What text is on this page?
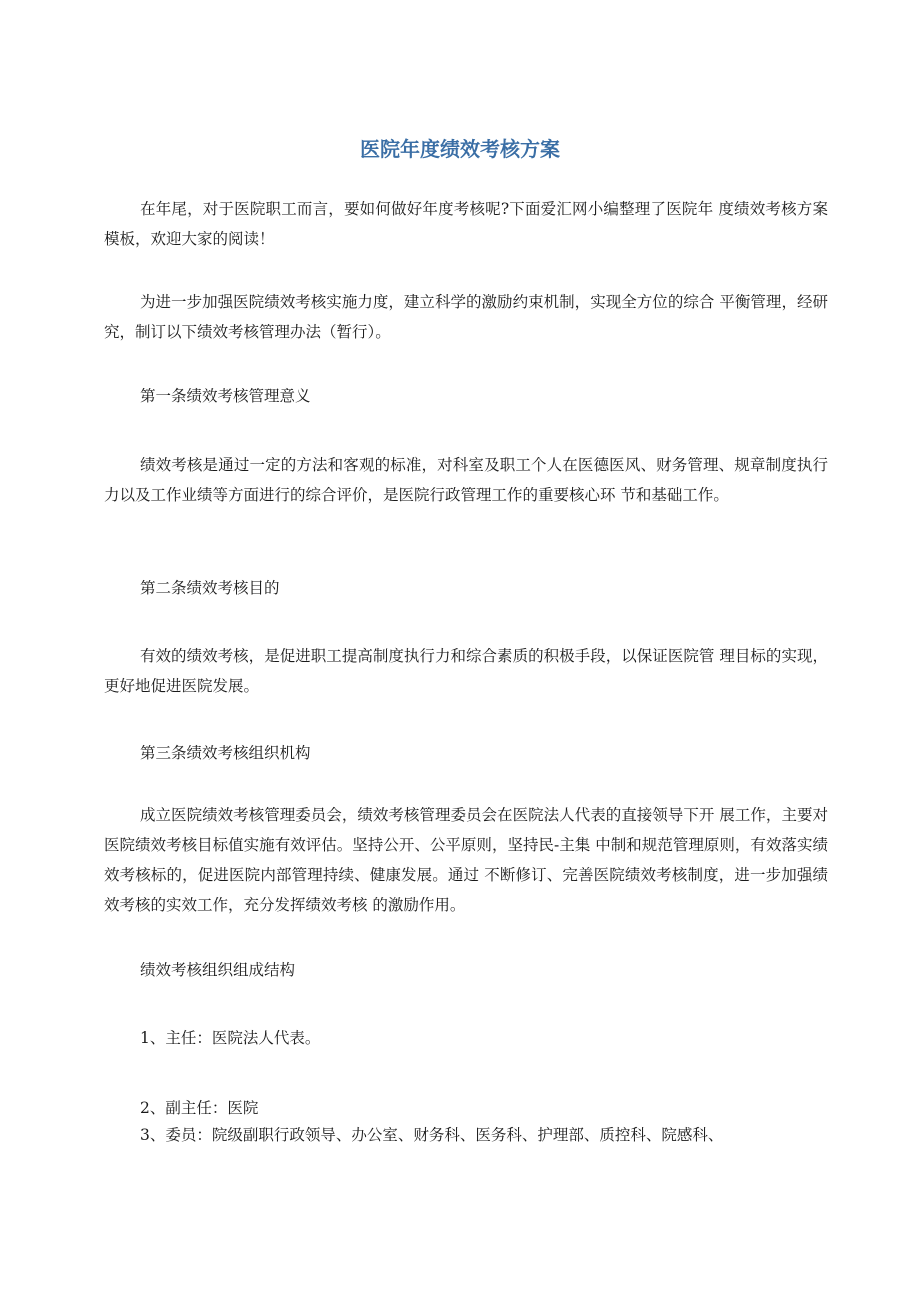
医院年度绩效考核方案

在年尾，对于医院职工而言，要如何做好年度考核呢?下面爱汇网小编整理了医院年 度绩效考核方案模板，欢迎大家的阅读！

为进一步加强医院绩效考核实施力度，建立科学的激励约束机制，实现全方位的综合 平衡管理，经研究，制订以下绩效考核管理办法（暂行）。

第一条绩效考核管理意义

绩效考核是通过一定的方法和客观的标准，对科室及职工个人在医德医风、财务管理、规章制度执行力以及工作业绩等方面进行的综合评价，是医院行政管理工作的重要核心环 节和基础工作。

第二条绩效考核目的

有效的绩效考核，是促进职工提高制度执行力和综合素质的积极手段，以保证医院管 理目标的实现，更好地促进医院发展。

第三条绩效考核组织机构

成立医院绩效考核管理委员会，绩效考核管理委员会在医院法人代表的直接领导下开 展工作，主要对医院绩效考核目标值实施有效评估。坚持公开、公平原则，坚持民-主集 中制和规范管理原则，有效落实绩效考核标的，促进医院内部管理持续、健康发展。通过 不断修订、完善医院绩效考核制度，进一步加强绩效考核的实效工作，充分发挥绩效考核 的激励作用。

绩效考核组织组成结构

1、主任：医院法人代表。

2、副主任：医院

3、委员：院级副职行政领导、办公室、财务科、医务科、护理部、质控科、院感科、
